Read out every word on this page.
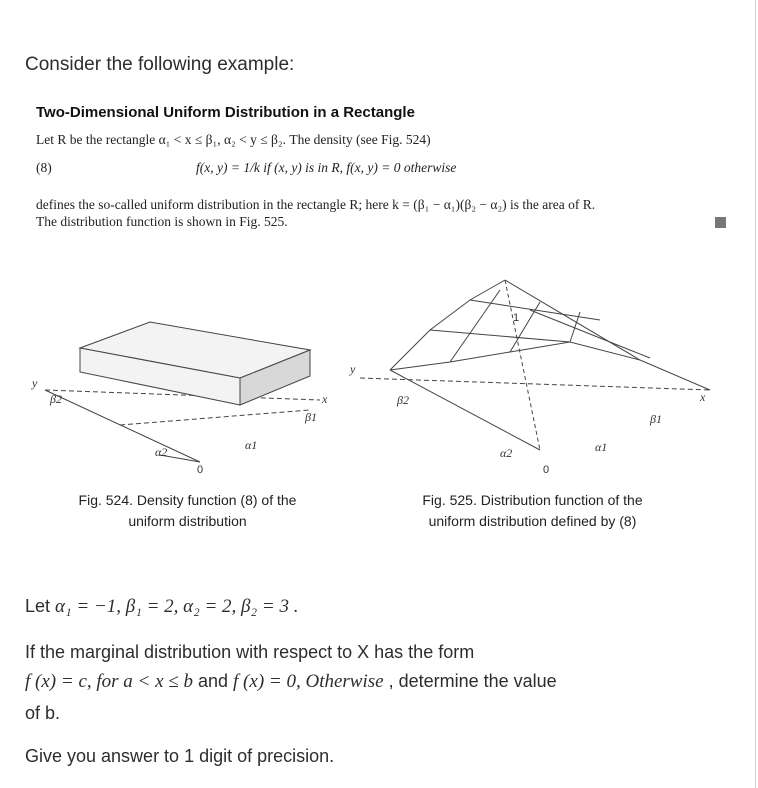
Consider the following example:
Two-Dimensional Uniform Distribution in a Rectangle

Let R be the rectangle α₁ < x ≤ β₁, α₂ < y ≤ β₂. The density (see Fig. 524)

(8)	f(x, y) = 1/k if (x, y) is in R, f(x, y) = 0 otherwise

defines the so-called uniform distribution in the rectangle R; here k = (β₁ − α₁)(β₂ − α₂) is the area of R.

The distribution function is shown in Fig. 525.

y
β2
α2
0
α1
β1
x
y
β2
1
α2
0
α1
β1
x
Fig. 524. Density function (8) of the
uniform distribution
Fig. 525. Distribution function of the
uniform distribution defined by (8)
Let α₁ = −1, β₁ = 2, α₂ = 2, β₂ = 3 .
If the marginal distribution with respect to X has the form
f (x) = c, for a < x ≤ b and f (x) = 0, Otherwise , determine the value
of b.
Give you answer to 1 digit of precision.
